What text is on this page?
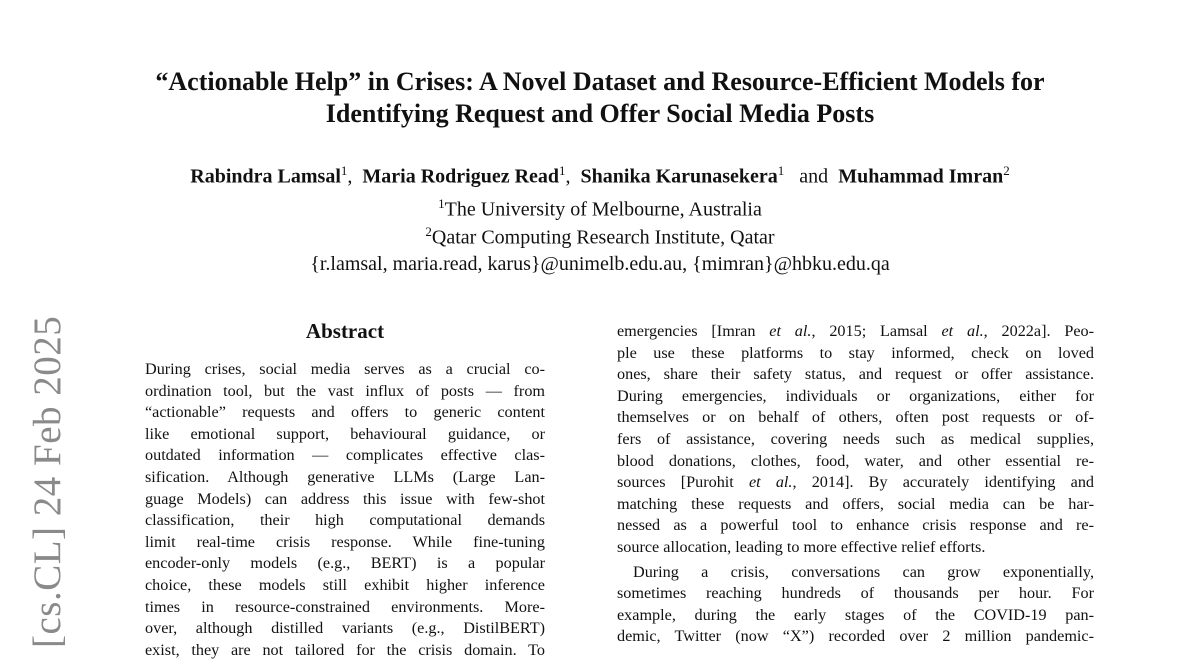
[cs.CL] 24 Feb 2025
“Actionable Help” in Crises: A Novel Dataset and Resource-Efficient Models for
Identifying Request and Offer Social Media Posts
Rabindra Lamsal$^1$, Maria Rodriguez Read$^1$, Shanika Karunasekera$^1$ and Muhammad Imran$^2$
$^1$The University of Melbourne, Australia
$^2$Qatar Computing Research Institute, Qatar
{r.lamsal, maria.read, karus}@unimelb.edu.au, {mimran}@hbku.edu.qa
Abstract
During crises, social media serves as a crucial co-
ordination tool, but the vast influx of posts — from
“actionable” requests and offers to generic content
like emotional support, behavioural guidance, or
outdated information — complicates effective clas-
sification. Although generative LLMs (Large Lan-
guage Models) can address this issue with few-shot
classification, their high computational demands
limit real-time crisis response. While fine-tuning
encoder-only models (e.g., BERT) is a popular
choice, these models still exhibit higher inference
times in resource-constrained environments. More-
over, although distilled variants (e.g., DistilBERT)
exist, they are not tailored for the crisis domain. To
emergencies [Imran et al., 2015; Lamsal et al., 2022a]. Peo-
ple use these platforms to stay informed, check on loved
ones, share their safety status, and request or offer assistance.
During emergencies, individuals or organizations, either for
themselves or on behalf of others, often post requests or of-
fers of assistance, covering needs such as medical supplies,
blood donations, clothes, food, water, and other essential re-
sources [Purohit et al., 2014]. By accurately identifying and
matching these requests and offers, social media can be har-
nessed as a powerful tool to enhance crisis response and re-
source allocation, leading to more effective relief efforts.
During a crisis, conversations can grow exponentially,
sometimes reaching hundreds of thousands per hour. For
example, during the early stages of the COVID-19 pan-
demic, Twitter (now “X”) recorded over 2 million pandemic-
